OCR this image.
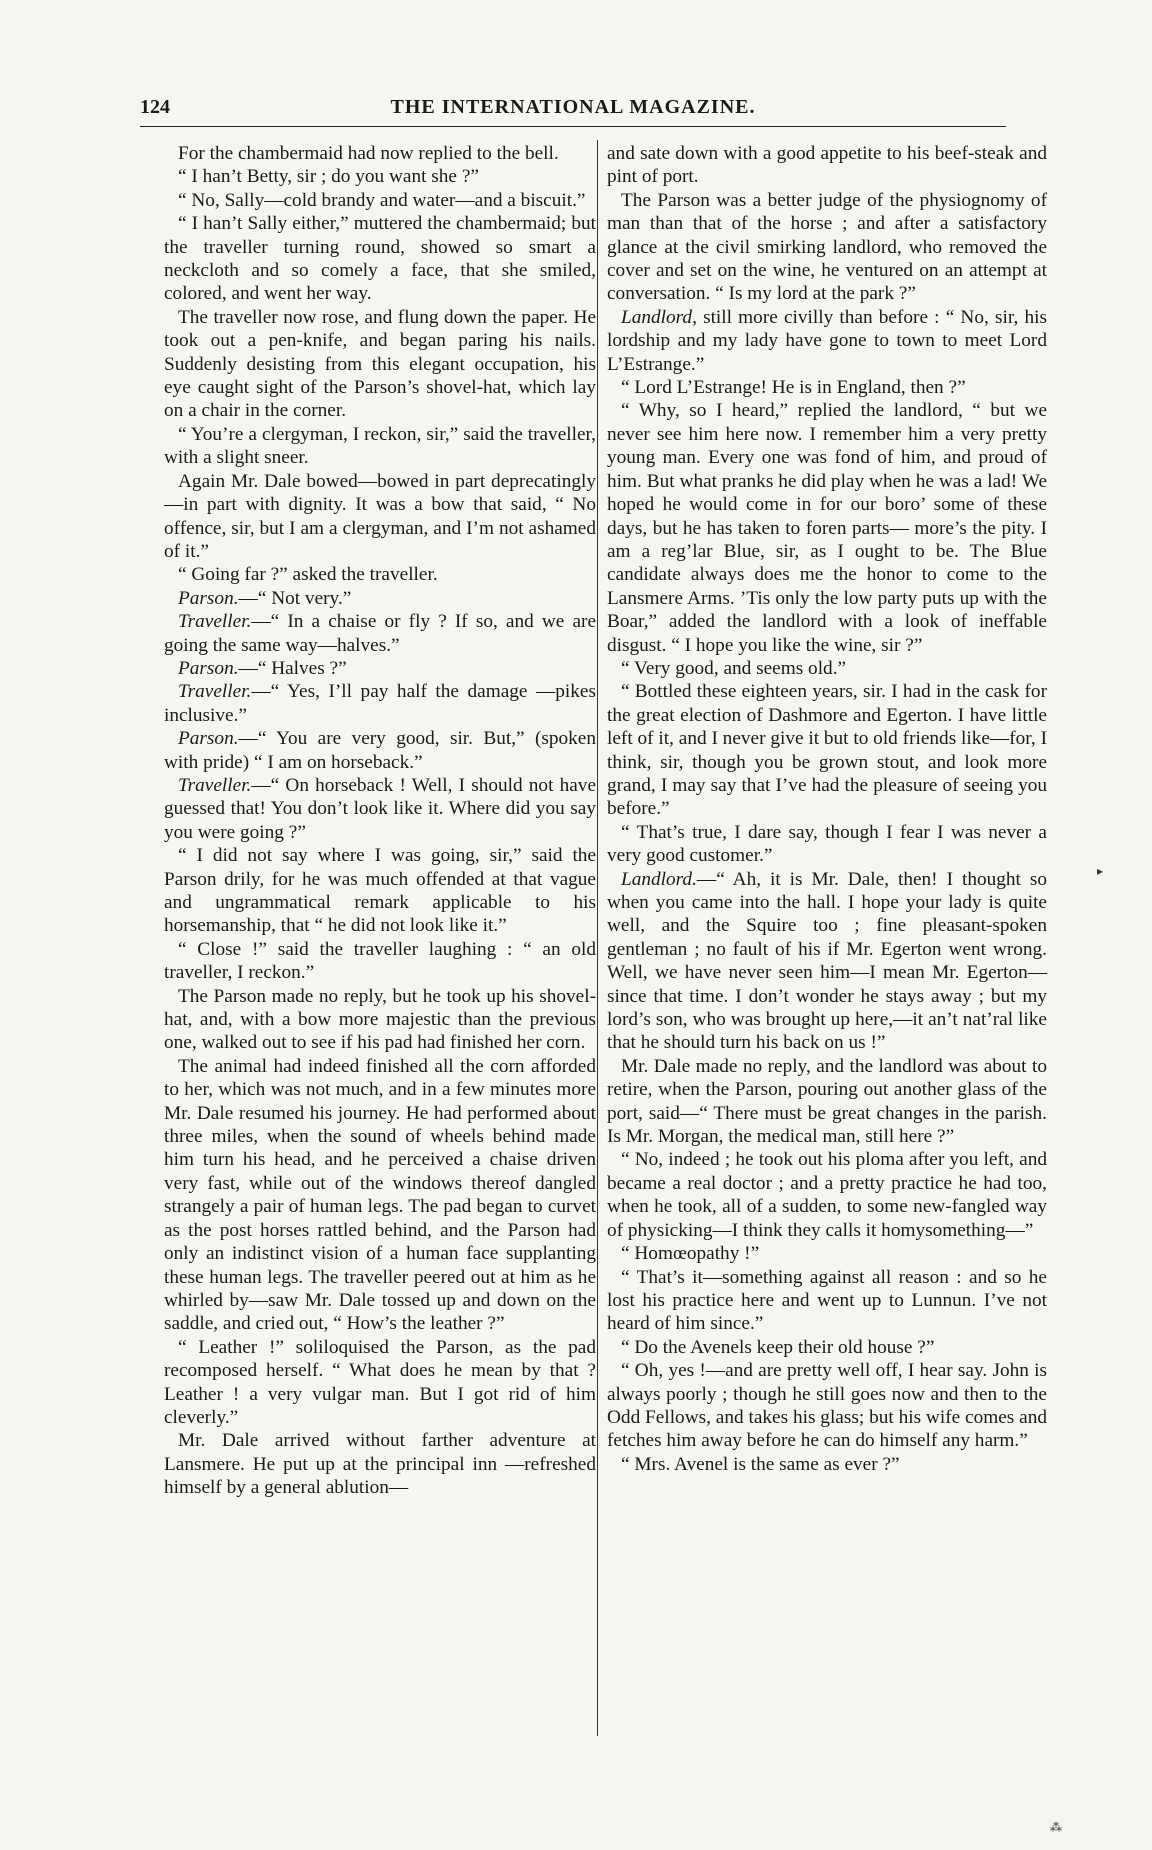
124	THE INTERNATIONAL MAGAZINE.

For the chambermaid had now replied to the bell.

“ I han’t Betty, sir ; do you want she ?”

“ No, Sally—cold brandy and water—and a biscuit.”

“ I han’t Sally either,” muttered the chambermaid; but the traveller turning round, showed so smart a neckcloth and so comely a face, that she smiled, colored, and went her way.

The traveller now rose, and flung down the paper. He took out a pen-knife, and began paring his nails. Suddenly desisting from this elegant occupation, his eye caught sight of the Parson’s shovel-hat, which lay on a chair in the corner.

“ You’re a clergyman, I reckon, sir,” said the traveller, with a slight sneer.

Again Mr. Dale bowed—bowed in part deprecatingly—in part with dignity. It was a bow that said, “ No offence, sir, but I am a clergyman, and I’m not ashamed of it.”

“ Going far ?” asked the traveller.

Parson.—“ Not very.”

Traveller.—“ In a chaise or fly ? If so, and we are going the same way—halves.”

Parson.—“ Halves ?”

Traveller.—“ Yes, I’ll pay half the damage —pikes inclusive.”

Parson.—“ You are very good, sir. But,” (spoken with pride) “ I am on horseback.”

Traveller.—“ On horseback ! Well, I should not have guessed that! You don’t look like it. Where did you say you were going ?”

“ I did not say where I was going, sir,” said the Parson drily, for he was much offended at that vague and ungrammatical remark applicable to his horsemanship, that “ he did not look like it.”

“ Close !” said the traveller laughing : “ an old traveller, I reckon.”

The Parson made no reply, but he took up his shovel-hat, and, with a bow more majestic than the previous one, walked out to see if his pad had finished her corn.

The animal had indeed finished all the corn afforded to her, which was not much, and in a few minutes more Mr. Dale resumed his journey. He had performed about three miles, when the sound of wheels behind made him turn his head, and he perceived a chaise driven very fast, while out of the windows thereof dangled strangely a pair of human legs. The pad began to curvet as the post horses rattled behind, and the Parson had only an indistinct vision of a human face supplanting these human legs. The traveller peered out at him as he whirled by—saw Mr. Dale tossed up and down on the saddle, and cried out, “ How’s the leather ?”

“ Leather !” soliloquised the Parson, as the pad recomposed herself. “ What does he mean by that ? Leather ! a very vulgar man. But I got rid of him cleverly.”

Mr. Dale arrived without farther adventure at Lansmere. He put up at the principal inn —refreshed himself by a general ablution—

and sate down with a good appetite to his beef-steak and pint of port.

The Parson was a better judge of the physiognomy of man than that of the horse ; and after a satisfactory glance at the civil smirking landlord, who removed the cover and set on the wine, he ventured on an attempt at conversation. “ Is my lord at the park ?”

Landlord, still more civilly than before : “ No, sir, his lordship and my lady have gone to town to meet Lord L’Estrange.”

“ Lord L’Estrange! He is in England, then ?”

“ Why, so I heard,” replied the landlord, “ but we never see him here now. I remember him a very pretty young man. Every one was fond of him, and proud of him. But what pranks he did play when he was a lad! We hoped he would come in for our boro’ some of these days, but he has taken to foren parts— more’s the pity. I am a reg’lar Blue, sir, as I ought to be. The Blue candidate always does me the honor to come to the Lansmere Arms. ’Tis only the low party puts up with the Boar,” added the landlord with a look of ineffable disgust. “ I hope you like the wine, sir ?”

“ Very good, and seems old.”

“ Bottled these eighteen years, sir. I had in the cask for the great election of Dashmore and Egerton. I have little left of it, and I never give it but to old friends like—for, I think, sir, though you be grown stout, and look more grand, I may say that I’ve had the pleasure of seeing you before.”

“ That’s true, I dare say, though I fear I was never a very good customer.”

Landlord.—“ Ah, it is Mr. Dale, then! I thought so when you came into the hall. I hope your lady is quite well, and the Squire too ; fine pleasant-spoken gentleman ; no fault of his if Mr. Egerton went wrong. Well, we have never seen him—I mean Mr. Egerton— since that time. I don’t wonder he stays away ; but my lord’s son, who was brought up here,—it an’t nat’ral like that he should turn his back on us !”

Mr. Dale made no reply, and the landlord was about to retire, when the Parson, pouring out another glass of the port, said—“ There must be great changes in the parish. Is Mr. Morgan, the medical man, still here ?”

“ No, indeed ; he took out his ploma after you left, and became a real doctor ; and a pretty practice he had too, when he took, all of a sudden, to some new-fangled way of physicking—I think they calls it homysomething—”

“ Homœopathy !”

“ That’s it—something against all reason : and so he lost his practice here and went up to Lunnun. I’ve not heard of him since.”

“ Do the Avenels keep their old house ?”

“ Oh, yes !—and are pretty well off, I hear say. John is always poorly ; though he still goes now and then to the Odd Fellows, and takes his glass; but his wife comes and fetches him away before he can do himself any harm.”

“ Mrs. Avenel is the same as ever ?”

▸
⁂
